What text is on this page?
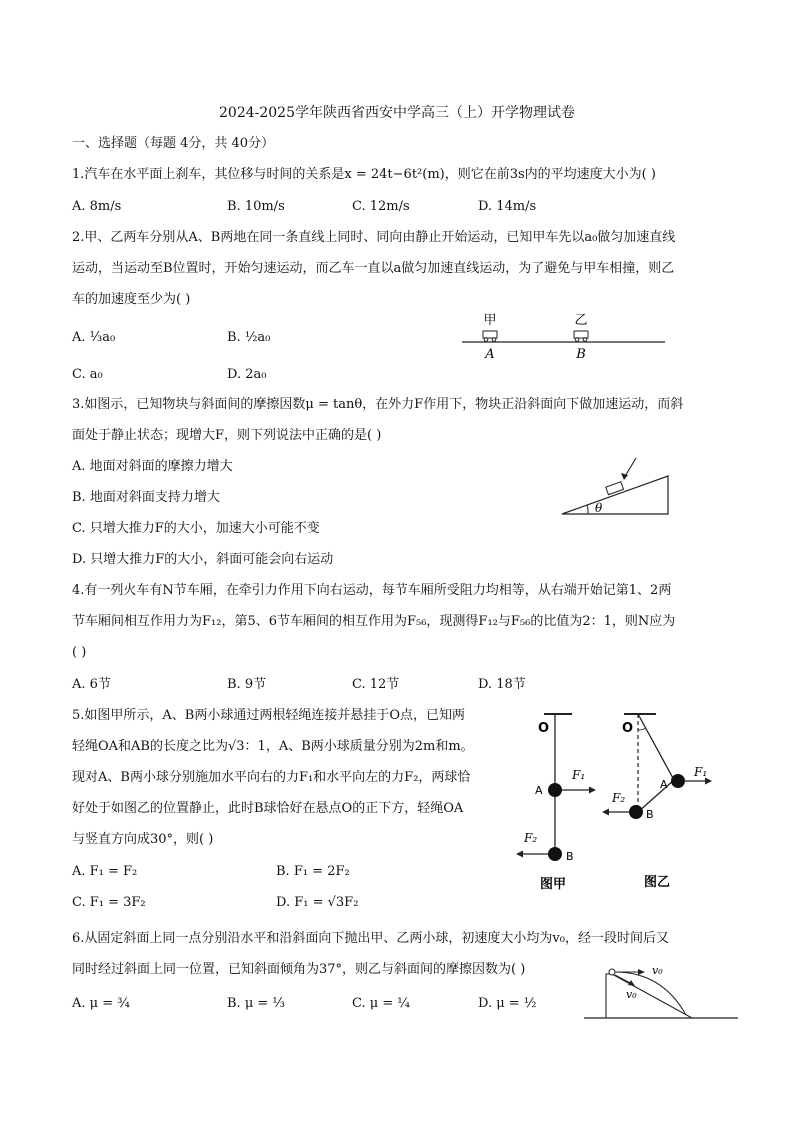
2024-2025学年陕西省西安中学高三（上）开学物理试卷
一、选择题（每题 4分，共 40分）
1.汽车在水平面上刹车，其位移与时间的关系是x = 24t−6t²(m)，则它在前3s内的平均速度大小为( )
A. 8m/s	B. 10m/s	C. 12m/s	D. 14m/s
2.甲、乙两车分别从A、B两地在同一条直线上同时、同向由静止开始运动，已知甲车先以a₀做匀加速直线
运动，当运动至B位置时，开始匀速运动，而乙车一直以a做匀加速直线运动，为了避免与甲车相撞，则乙
车的加速度至少为( )
A. ⅓a₀	B. ½a₀
C. a₀	D. 2a₀
甲	乙
A	B
3.如图示，已知物块与斜面间的摩擦因数μ = tanθ，在外力F作用下，物块正沿斜面向下做加速运动，而斜
面处于静止状态；现增大F，则下列说法中正确的是( )
A. 地面对斜面的摩擦力增大
B. 地面对斜面支持力增大
C. 只增大推力F的大小，加速大小可能不变
D. 只增大推力F的大小，斜面可能会向右运动
θ
4.有一列火车有N节车厢，在牵引力作用下向右运动，每节车厢所受阻力均相等，从右端开始记第1、2两
节车厢间相互作用力为F₁₂，第5、6节车厢间的相互作用为F₅₆，现测得F₁₂与F₅₆的比值为2：1，则N应为
( )
A. 6节	B. 9节	C. 12节	D. 18节
5.如图甲所示，A、B两小球通过两根轻绳连接并悬挂于O点，已知两
轻绳OA和AB的长度之比为√3：1，A、B两小球质量分别为2m和m。
现对A、B两小球分别施加水平向右的力F₁和水平向左的力F₂，两球恰
好处于如图乙的位置静止，此时B球恰好在悬点O的正下方，轻绳OA
与竖直方向成30°，则( )
A. F₁ = F₂	B. F₁ = 2F₂
C. F₁ = 3F₂	D. F₁ = √3F₂
O
A
B
F₁
F₂
O
A
B
F₁
F₂
图甲	图乙
6.从固定斜面上同一点分别沿水平和沿斜面向下抛出甲、乙两小球，初速度大小均为v₀，经一段时间后又
同时经过斜面上同一位置，已知斜面倾角为37°，则乙与斜面间的摩擦因数为( )
A. μ = ¾	B. μ = ⅓	C. μ = ¼	D. μ = ½
v₀
v₀
